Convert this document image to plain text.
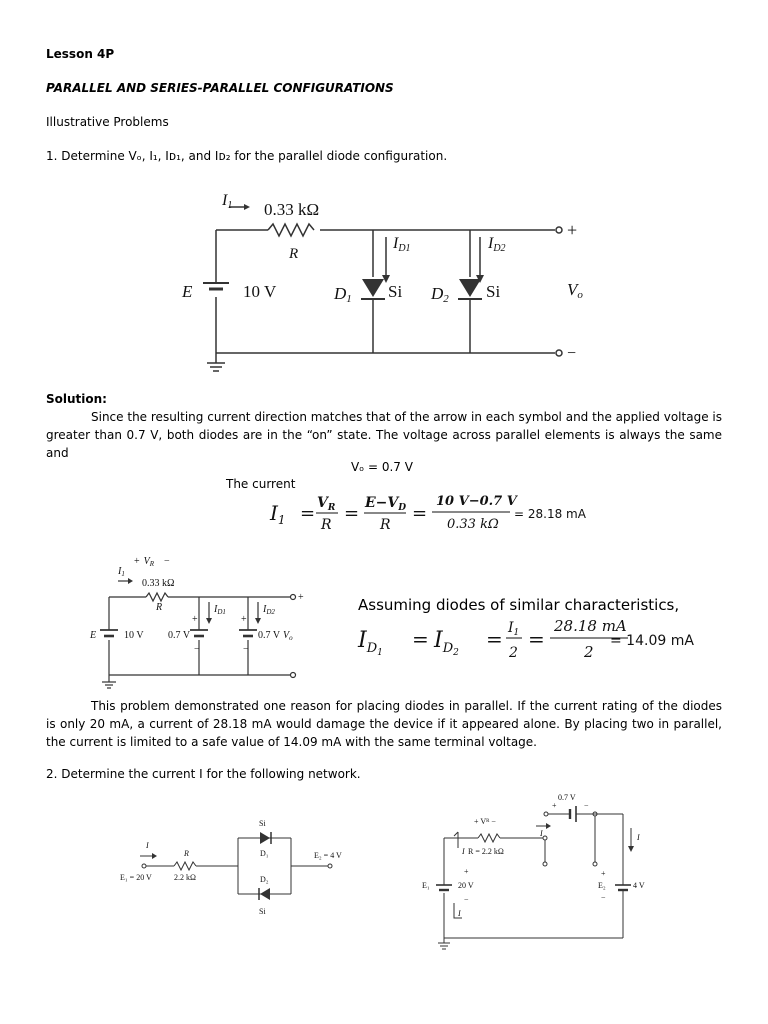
Lesson 4P
PARALLEL AND SERIES-PARALLEL CONFIGURATIONS
Illustrative Problems
1. Determine Vₒ, I₁, Iᴅ₁, and Iᴅ₂ for the parallel diode configuration.
I1 0.33 kΩ
R
E	10 V	D1 Si D2 Si
ID1	ID2
Vo
+
−
Solution:
Since the resulting current direction matches that of the arrow in each symbol and the applied voltage is greater than 0.7 V, both diodes are in the “on” state. The voltage across parallel elements is always the same and
Vₒ = 0.7 V
The current
$I_1 = V_R$
R
= $E-V_D$
R
=
10 V−0.7 V
0.33 kΩ
= 28.18 mA
+ $V_R$ −
$I_1$
0.33 kΩ
R
E	10 V 0.7 V	0.7 V $V_o$
$I_{D1}$	$I_{D2}$
+
−
+
−
+	Assuming diodes of similar characteristics,
$I_D1$
= $I_D2$
= $I_1$
2
=
28.18 mA
2
= 14.09 mA
This problem demonstrated one reason for placing diodes in parallel. If the current rating of the diodes is only 20 mA, a current of 28.18 mA would damage the device if it appeared alone. By placing two in parallel, the current is limited to a safe value of 14.09 mA with the same terminal voltage.
2. Determine the current I for the following network.
Si
D₁
D₂
Si
I
R
E₁ = 20 V	2.2 kΩ
E₂ = 4 V
0.7 V
+	−
+ Vᴿ −
R = 2.2 kΩ
I
I
I
I
E₁	20 V	E₂	4 V
+
−
+
−
